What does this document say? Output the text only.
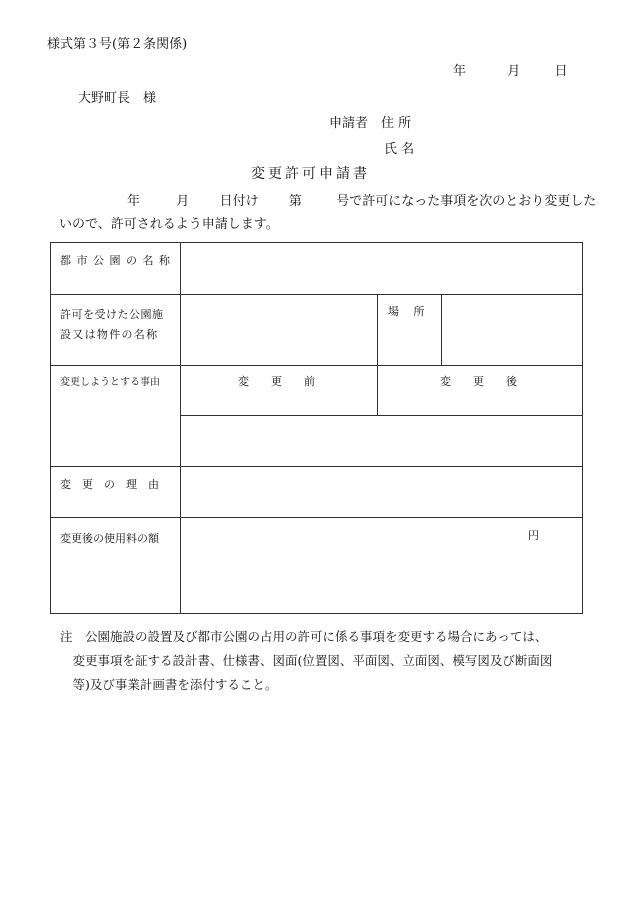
様式第３号(第２条関係)
年	月	日
大野町長　様
申請者　住 所
氏 名
変更許可申請書
年	月 日付け 第	号で許可になった事項を次のとおり変更した
いので、許可されるよう申請します。
都 市 公 園 の 名 称
許可を受けた公園施
設又は物件の名称
場　 所
変更しようとする事由	変　　更　　前	変　　更　　後
変　更　の　理　由
変更後の使用料の額	円
注　公園施設の設置及び都市公園の占用の許可に係る事項を変更する場合にあっては、
　変更事項を証する設計書、仕様書、図面(位置図、平面図、立面図、模写図及び断面図
　等)及び事業計画書を添付すること。
